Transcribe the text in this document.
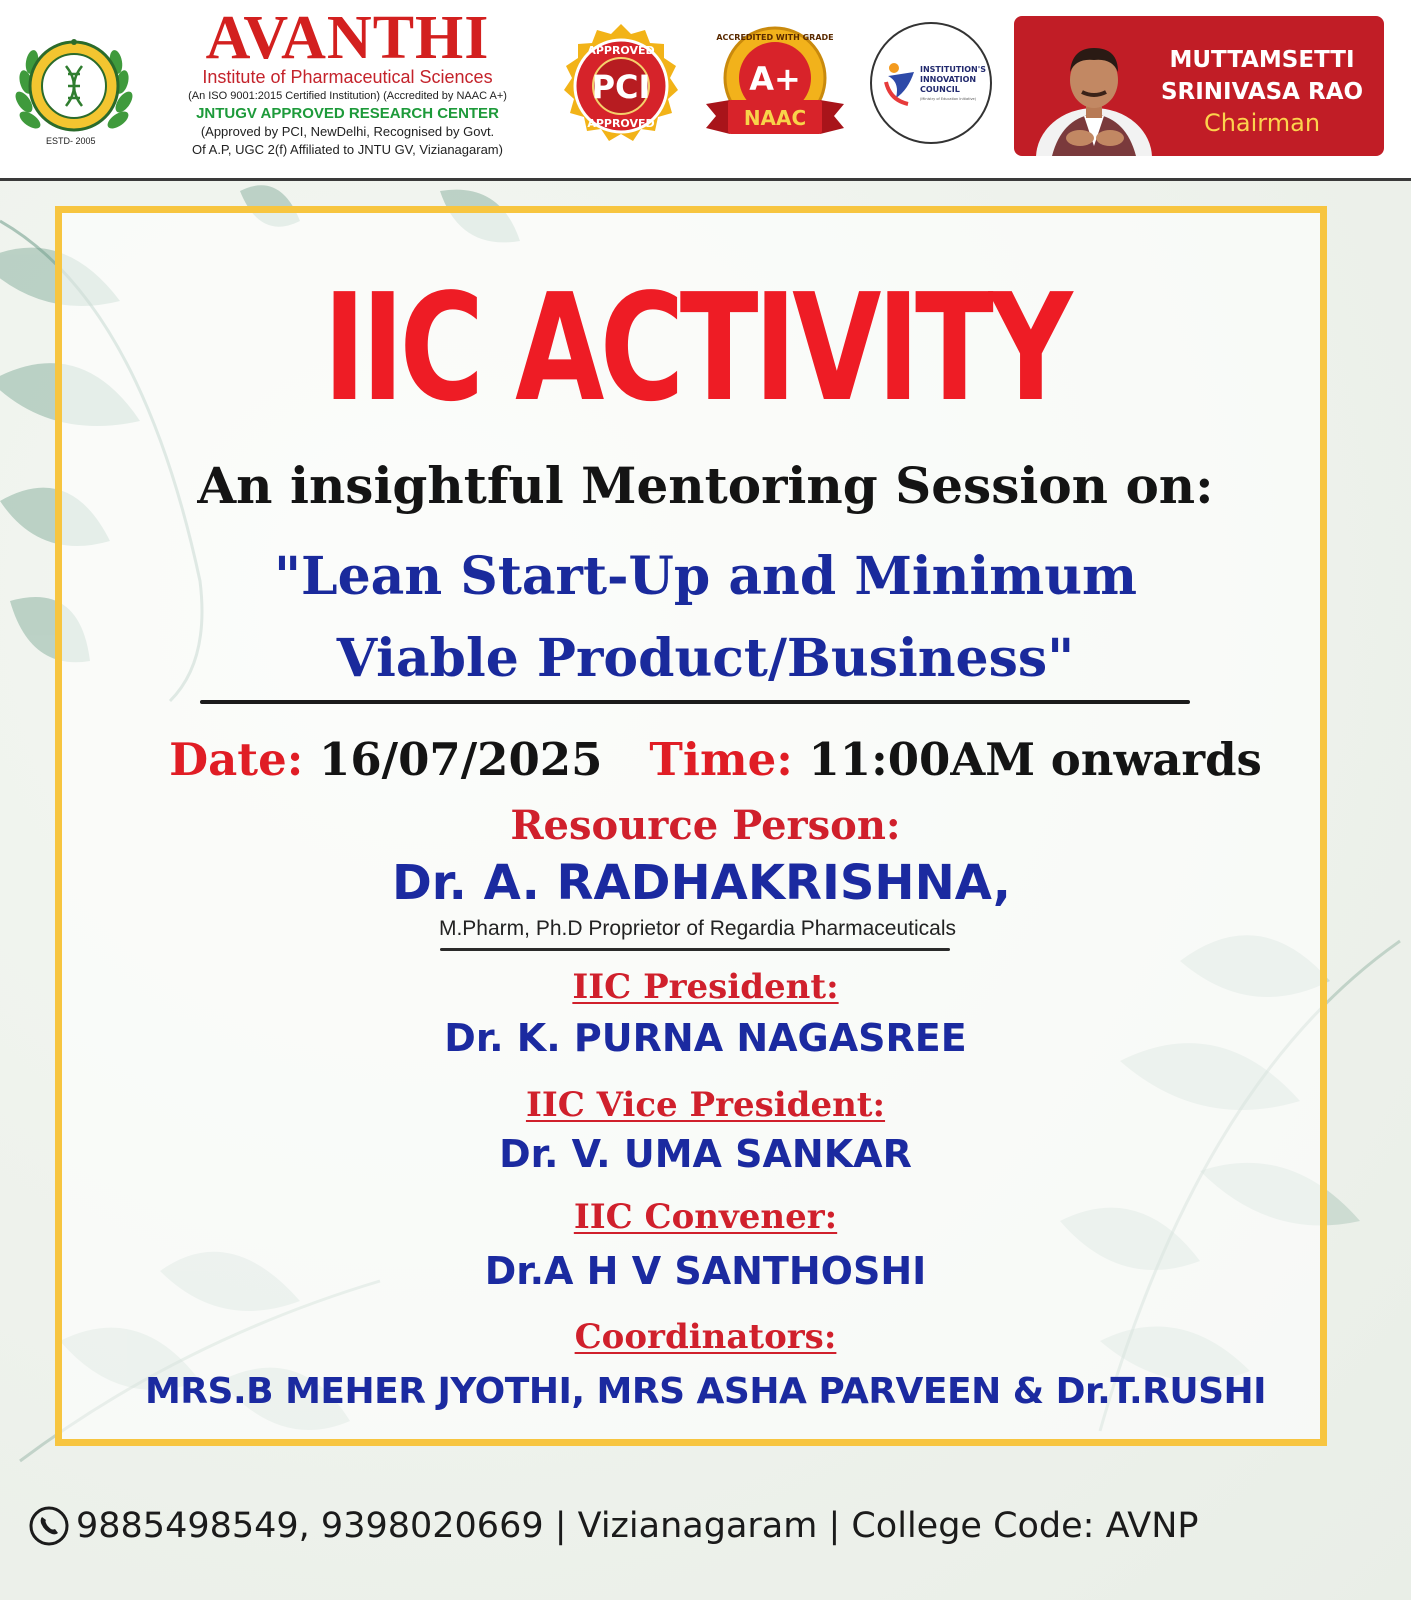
ESTD- 2005
AVANTHI
Institute of Pharmaceutical Sciences
(An ISO 9001:2015 Certified Institution) (Accredited by NAAC A+)
JNTUGV APPROVED RESEARCH CENTER
(Approved by PCI, NewDelhi, Recognised by Govt.
Of A.P, UGC 2(f) Affiliated to JNTU GV, Vizianagaram)
PCI
APPROVED
APPROVED
A+
ACCREDITED WITH GRADE
NAAC
INSTITUTION'S
INNOVATION
COUNCIL
(Ministry of Education Initiative)
MUTTAMSETTI
SRINIVASA RAO
Chairman
IIC ACTIVITY
An insightful Mentoring Session on:
"Lean Start-Up and Minimum
Viable Product/Business"
Date: 16/07/2025 Time: 11:00AM onwards
Resource Person:
Dr. A. RADHAKRISHNA,
M.Pharm, Ph.D Proprietor of Regardia Pharmaceuticals
IIC President:
Dr. K. PURNA NAGASREE
IIC Vice President:
Dr. V. UMA SANKAR
IIC Convener:
Dr.A H V SANTHOSHI
Coordinators:
MRS.B MEHER JYOTHI, MRS ASHA PARVEEN & Dr.T.RUSHI
9885498549, 9398020669 | Vizianagaram | College Code: AVNP
